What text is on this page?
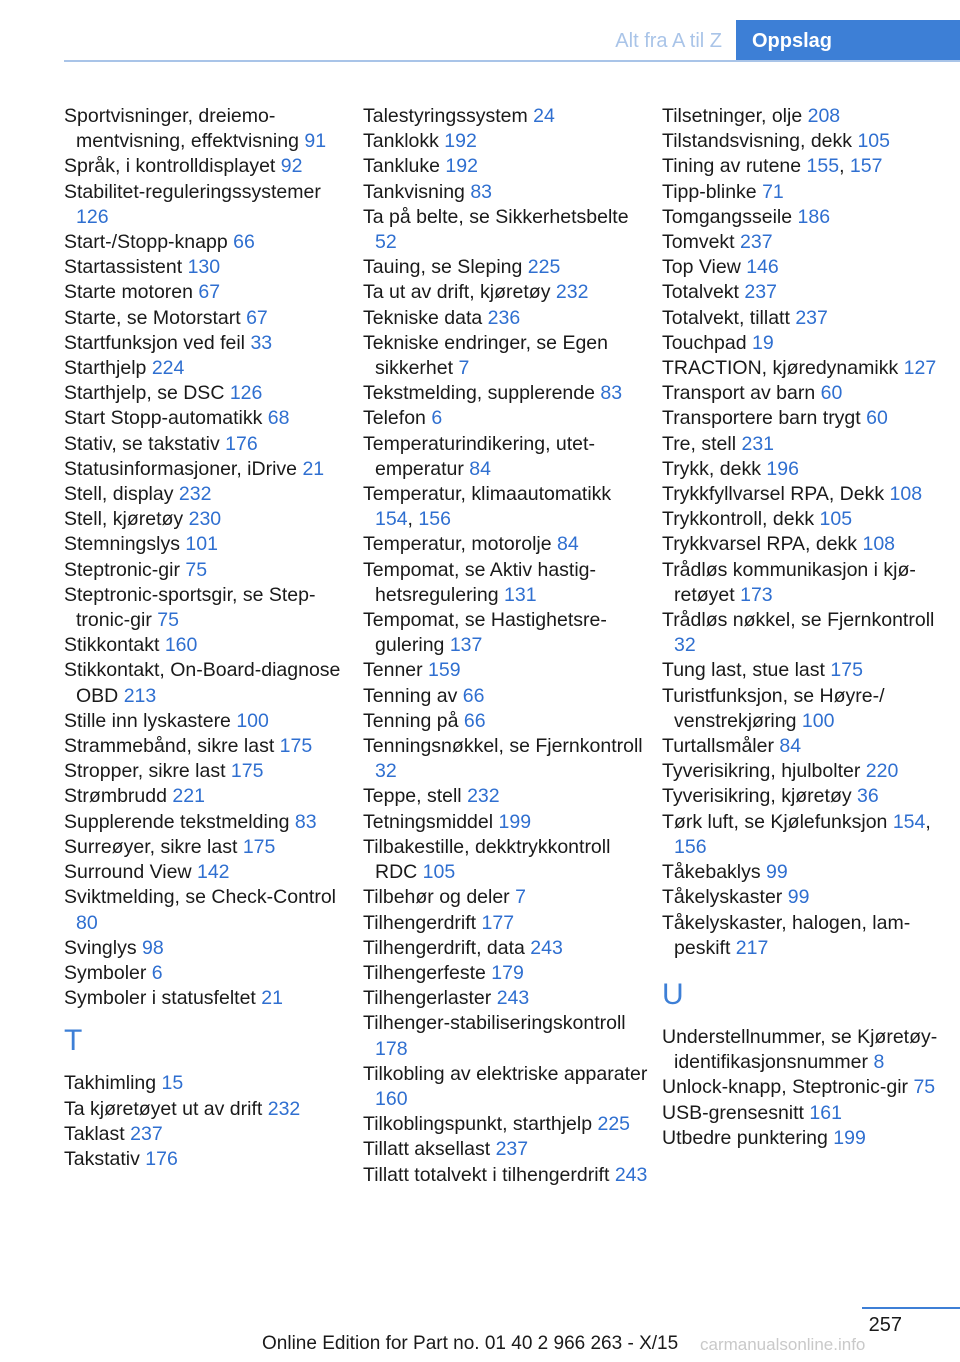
Alt fra A til Z	Oppslag
Sportvisninger, dreiemomentvisning, effektvisning 91
Språk, i kontrolldisplayet 92
Stabilitet-reguleringssystemer 126
Start-/Stopp-knapp 66
Startassistent 130
Starte motoren 67
Starte, se Motorstart 67
Startfunksjon ved feil 33
Starthjelp 224
Starthjelp, se DSC 126
Start Stopp-automatikk 68
Stativ, se takstativ 176
Statusinformasjoner, iDrive 21
Stell, display 232
Stell, kjøretøy 230
Stemningslys 101
Steptronic-gir 75
Steptronic-sportsgir, se Steptronic-gir 75
Stikkontakt 160
Stikkontakt, On-Board-diagnose OBD 213
Stille inn lyskastere 100
Strammebånd, sikre last 175
Stropper, sikre last 175
Strømbrudd 221
Supplerende tekstmelding 83
Surreøyer, sikre last 175
Surround View 142
Sviktmelding, se Check-Control 80
Svinglys 98
Symboler 6
Symboler i statusfeltet 21
T
Takhimling 15
Ta kjøretøyet ut av drift 232
Taklast 237
Takstativ 176
Talestyringssystem 24
Tanklokk 192
Tankluke 192
Tankvisning 83
Ta på belte, se Sikkerhetsbelte 52
Tauing, se Sleping 225
Ta ut av drift, kjøretøy 232
Tekniske data 236
Tekniske endringer, se Egen sikkerhet 7
Tekstmelding, supplerende 83
Telefon 6
Temperaturindikering, utetemperatur 84
Temperatur, klimaautomatikk 154, 156
Temperatur, motorolje 84
Tempomat, se Aktiv hastighetsregulering 131
Tempomat, se Hastighetsregulering 137
Tenner 159
Tenning av 66
Tenning på 66
Tenningsnøkkel, se Fjernkontroll 32
Teppe, stell 232
Tetningsmiddel 199
Tilbakestille, dekktrykkontroll RDC 105
Tilbehør og deler 7
Tilhengerdrift 177
Tilhengerdrift, data 243
Tilhengerfeste 179
Tilhengerlaster 243
Tilhenger-stabiliseringskontroll 178
Tilkobling av elektriske apparater 160
Tilkoblingspunkt, starthjelp 225
Tillatt aksellast 237
Tillatt totalvekt i tilhengerdrift 243
Tilsetninger, olje 208
Tilstandsvisning, dekk 105
Tining av rutene 155, 157
Tipp-blinke 71
Tomgangsseile 186
Tomvekt 237
Top View 146
Totalvekt 237
Totalvekt, tillatt 237
Touchpad 19
TRACTION, kjøredynamikk 127
Transport av barn 60
Transportere barn trygt 60
Tre, stell 231
Trykk, dekk 196
Trykkfyllvarsel RPA, Dekk 108
Trykkontroll, dekk 105
Trykkvarsel RPA, dekk 108
Trådløs kommunikasjon i kjøretøyet 173
Trådløs nøkkel, se Fjernkontroll 32
Tung last, stue last 175
Turistfunksjon, se Høyre-/ venstrekjøring 100
Turtallsmåler 84
Tyverisikring, hjulbolter 220
Tyverisikring, kjøretøy 36
Tørk luft, se Kjølefunksjon 154, 156
Tåkebaklys 99
Tåkelyskaster 99
Tåkelyskaster, halogen, lampeskift 217
U
Understellnummer, se Kjøretøy-identifikasjonsnummer 8
Unlock-knapp, Steptronic-gir 75
USB-grensesnitt 161
Utbedre punktering 199
257
carmanualsonline.info
Online Edition for Part no. 01 40 2 966 263 - X/15
